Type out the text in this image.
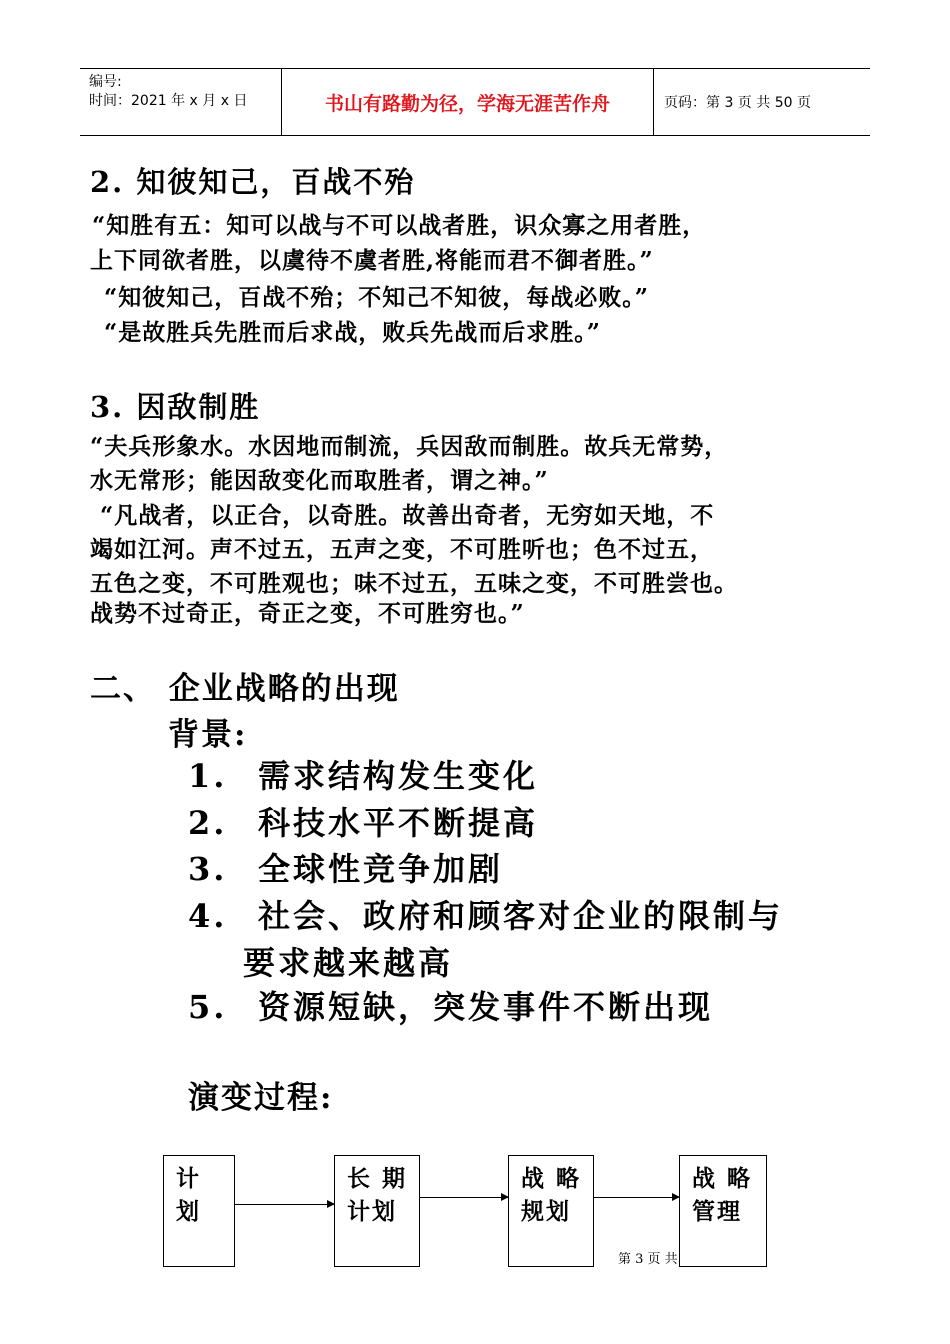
编号:
时间：2021 年 x 月 x 日	书山有路勤为径，学海无涯苦作舟	页码：第 3 页 共 50 页
2. 知彼知己，百战不殆
“知胜有五：知可以战与不可以战者胜，识众寡之用者胜，
上下同欲者胜，以虞待不虞者胜,将能而君不御者胜。”
“知彼知己，百战不殆；不知己不知彼，每战必败。”
“是故胜兵先胜而后求战，败兵先战而后求胜。”
3. 因敌制胜
“夫兵形象水。水因地而制流，兵因敌而制胜。故兵无常势，
水无常形；能因敌变化而取胜者，谓之神。”
“凡战者，以正合，以奇胜。故善出奇者，无穷如天地，不
竭如江河。声不过五，五声之变，不可胜听也；色不过五，
五色之变，不可胜观也；味不过五，五味之变，不可胜尝也。
战势不过奇正，奇正之变，不可胜穷也。”
二、 企业战略的出现
背景:
1. 需求结构发生变化
2. 科技水平不断提高
3. 全球性竞争加剧
4. 社会、政府和顾客对企业的限制与
要求越来越高
5. 资源短缺，突发事件不断出现
演变过程:
计
划
长 期
计划
战 略
规划
第 3 页 共
战 略
管理
